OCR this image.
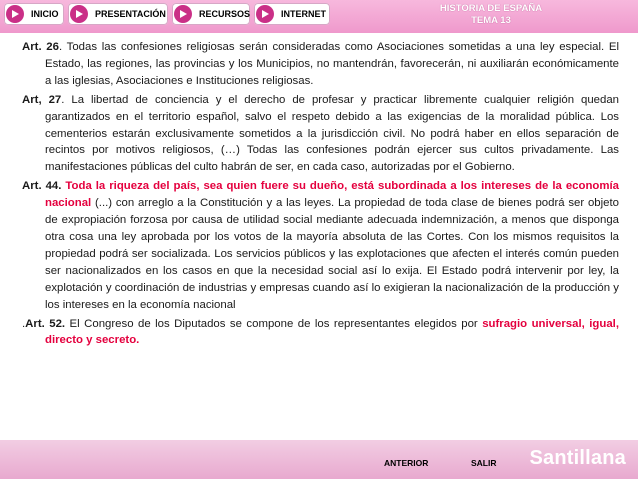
INICIO	PRESENTACIÓN	RECURSOS	INTERNET	HISTORIA DE ESPAÑA
TEMA 13
Art. 26. Todas las confesiones religiosas serán consideradas como Asociaciones sometidas a una ley especial. El Estado, las regiones, las provincias y los Municipios, no mantendrán, favorecerán, ni auxiliarán económicamente a las iglesias, Asociaciones e Instituciones religiosas.
Art, 27. La libertad de conciencia y el derecho de profesar y practicar libremente cualquier religión quedan garantizados en el territorio español, salvo el respeto debido a las exigencias de la moralidad pública. Los cementerios estarán exclusivamente sometidos a la jurisdicción civil. No podrá haber en ellos separación de recintos por motivos religiosos, (…) Todas las confesiones podrán ejercer sus cultos privadamente. Las manifestaciones públicas del culto habrán de ser, en cada caso, autorizadas por el Gobierno.
Art. 44. Toda la riqueza del país, sea quien fuere su dueño, está subordinada a los intereses de la economía nacional (...) con arreglo a la Constitución y a las leyes. La propiedad de toda clase de bienes podrá ser objeto de expropiación forzosa por causa de utilidad social mediante adecuada indemnización, a menos que disponga otra cosa una ley aprobada por los votos de la mayoría absoluta de las Cortes. Con los mismos requisitos la propiedad podrá ser socializada. Los servicios públicos y las explotaciones que afecten el interés común pueden ser nacionalizados en los casos en que la necesidad social así lo exija. El Estado podrá intervenir por ley, la explotación y coordinación de industrias y empresas cuando así lo exigieran la nacionalización de la producción y los intereses en la economía nacional
.Art. 52. El Congreso de los Diputados se compone de los representantes elegidos por sufragio universal, igual, directo y secreto.
ANTERIOR	SALIR Santillana
